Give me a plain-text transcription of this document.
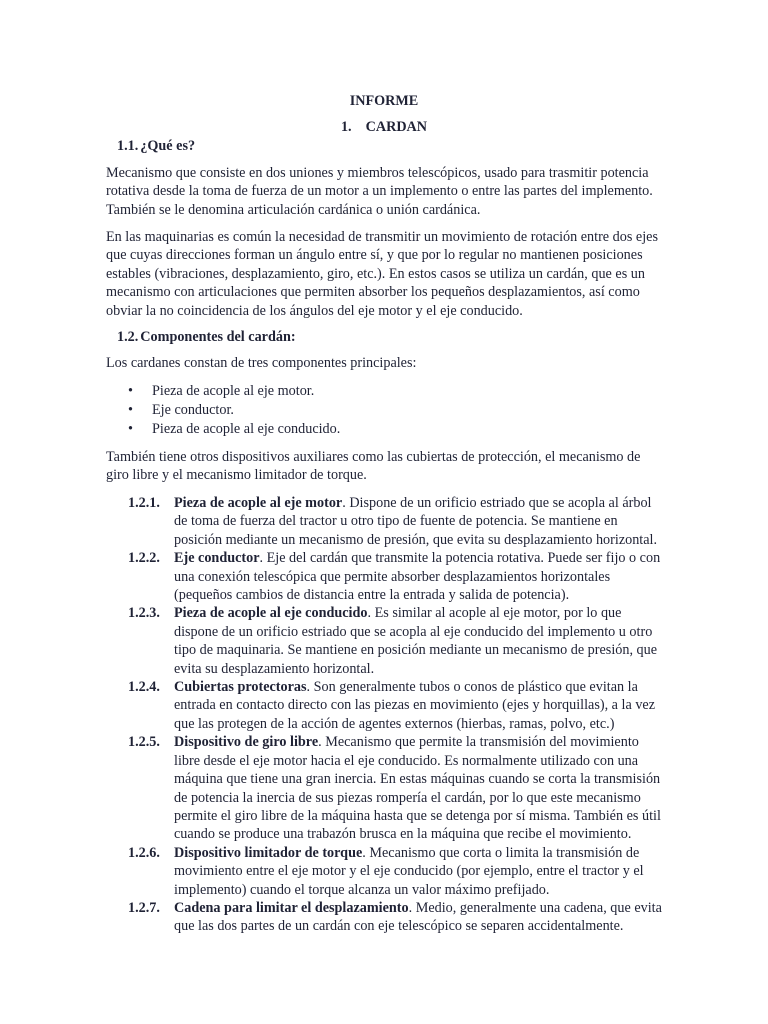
INFORME
1. CARDAN
1.1. ¿Qué es?

Mecanismo que consiste en dos uniones y miembros telescópicos, usado para trasmitir potencia rotativa desde la toma de fuerza de un motor a un implemento o entre las partes del implemento. También se le denomina articulación cardánica o unión cardánica.

En las maquinarias es común la necesidad de transmitir un movimiento de rotación entre dos ejes que cuyas direcciones forman un ángulo entre sí, y que por lo regular no mantienen posiciones estables (vibraciones, desplazamiento, giro, etc.). En estos casos se utiliza un cardán, que es un mecanismo con articulaciones que permiten absorber los pequeños desplazamientos, así como obviar la no coincidencia de los ángulos del eje motor y el eje conducido.

1.2. Componentes del cardán:

Los cardanes constan de tres componentes principales:

• Pieza de acople al eje motor.
• Eje conductor.
• Pieza de acople al eje conducido.

También tiene otros dispositivos auxiliares como las cubiertas de protección, el mecanismo de giro libre y el mecanismo limitador de torque.

1.2.1. Pieza de acople al eje motor. Dispone de un orificio estriado que se acopla al árbol de toma de fuerza del tractor u otro tipo de fuente de potencia. Se mantiene en posición mediante un mecanismo de presión, que evita su desplazamiento horizontal.
1.2.2. Eje conductor. Eje del cardán que transmite la potencia rotativa. Puede ser fijo o con una conexión telescópica que permite absorber desplazamientos horizontales (pequeños cambios de distancia entre la entrada y salida de potencia).
1.2.3. Pieza de acople al eje conducido. Es similar al acople al eje motor, por lo que dispone de un orificio estriado que se acopla al eje conducido del implemento u otro tipo de maquinaria. Se mantiene en posición mediante un mecanismo de presión, que evita su desplazamiento horizontal.
1.2.4. Cubiertas protectoras. Son generalmente tubos o conos de plástico que evitan la entrada en contacto directo con las piezas en movimiento (ejes y horquillas), a la vez que las protegen de la acción de agentes externos (hierbas, ramas, polvo, etc.)
1.2.5. Dispositivo de giro libre. Mecanismo que permite la transmisión del movimiento libre desde el eje motor hacia el eje conducido. Es normalmente utilizado con una máquina que tiene una gran inercia. En estas máquinas cuando se corta la transmisión de potencia la inercia de sus piezas rompería el cardán, por lo que este mecanismo permite el giro libre de la máquina hasta que se detenga por sí misma. También es útil cuando se produce una trabazón brusca en la máquina que recibe el movimiento.
1.2.6. Dispositivo limitador de torque. Mecanismo que corta o limita la transmisión de movimiento entre el eje motor y el eje conducido (por ejemplo, entre el tractor y el implemento) cuando el torque alcanza un valor máximo prefijado.
1.2.7. Cadena para limitar el desplazamiento. Medio, generalmente una cadena, que evita que las dos partes de un cardán con eje telescópico se separen accidentalmente.
